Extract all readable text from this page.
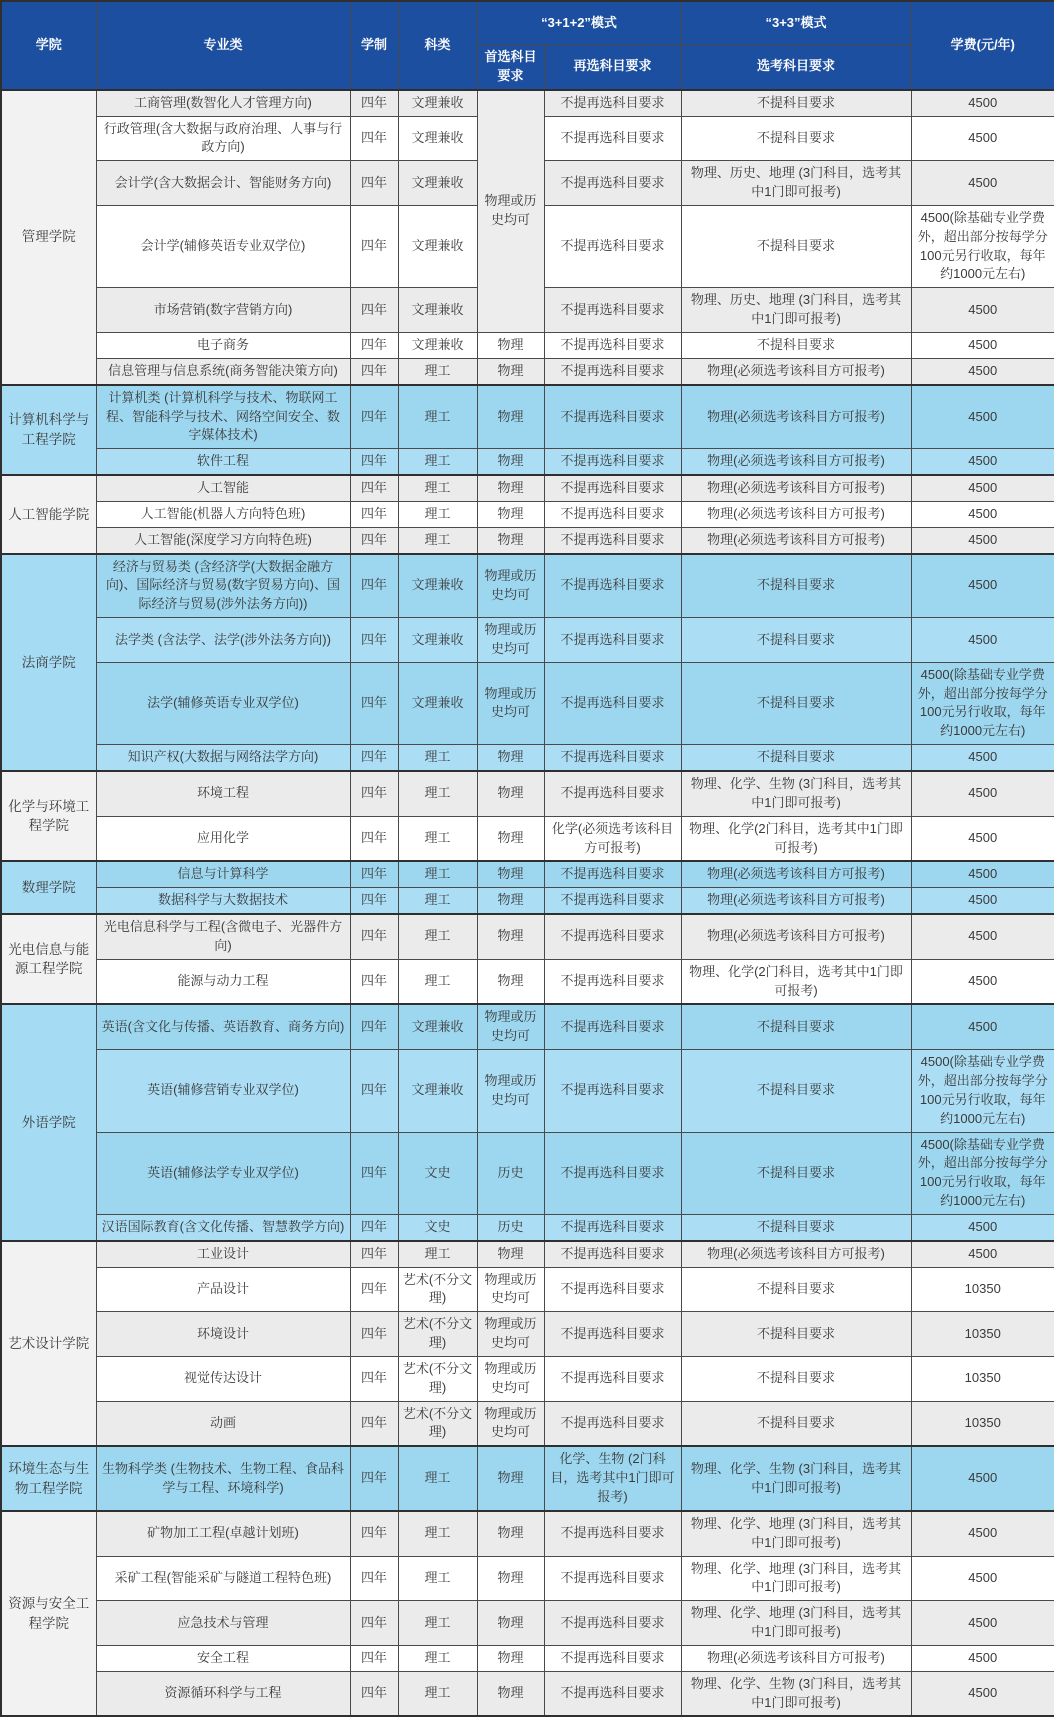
学院	专业类	学制	科类	“3+1+2”模式		“3+3”模式	学费(元/年)
				首选科目要求	再选科目要求	选考科目要求	
管理学院	工商管理(数智化人才管理方向)	四年	文理兼收	物理或历史均可	不提再选科目要求	不提科目要求	4500
	行政管理(含大数据与政府治理、人事与行政方向)	四年	文理兼收		不提再选科目要求	不提科目要求	4500
	会计学(含大数据会计、智能财务方向)	四年	文理兼收		不提再选科目要求	物理、历史、地理 (3门科目，选考其中1门即可报考)	4500
	会计学(辅修英语专业双学位)	四年	文理兼收		不提再选科目要求	不提科目要求	4500(除基础专业学费外，超出部分按每学分100元另行收取，每年约1000元左右)
	市场营销(数字营销方向)	四年	文理兼收		不提再选科目要求	物理、历史、地理 (3门科目，选考其中1门即可报考)	4500
	电子商务	四年	文理兼收	物理	不提再选科目要求	不提科目要求	4500
	信息管理与信息系统(商务智能决策方向)	四年	理工	物理	不提再选科目要求	物理(必须选考该科目方可报考)	4500
计算机科学与工程学院	计算机类 (计算机科学与技术、物联网工程、智能科学与技术、网络空间安全、数字媒体技术)	四年	理工	物理	不提再选科目要求	物理(必须选考该科目方可报考)	4500
	软件工程	四年	理工	物理	不提再选科目要求	物理(必须选考该科目方可报考)	4500
人工智能学院	人工智能	四年	理工	物理	不提再选科目要求	物理(必须选考该科目方可报考)	4500
	人工智能(机器人方向特色班)	四年	理工	物理	不提再选科目要求	物理(必须选考该科目方可报考)	4500
	人工智能(深度学习方向特色班)	四年	理工	物理	不提再选科目要求	物理(必须选考该科目方可报考)	4500
法商学院	经济与贸易类 (含经济学(大数据金融方向)、国际经济与贸易(数字贸易方向)、国际经济与贸易(涉外法务方向))	四年	文理兼收	物理或历史均可	不提再选科目要求	不提科目要求	4500
	法学类 (含法学、法学(涉外法务方向))	四年	文理兼收	物理或历史均可	不提再选科目要求	不提科目要求	4500
	法学(辅修英语专业双学位)	四年	文理兼收	物理或历史均可	不提再选科目要求	不提科目要求	4500(除基础专业学费外，超出部分按每学分100元另行收取，每年约1000元左右)
	知识产权(大数据与网络法学方向)	四年	理工	物理	不提再选科目要求	不提科目要求	4500
化学与环境工程学院	环境工程	四年	理工	物理	不提再选科目要求	物理、化学、生物 (3门科目，选考其中1门即可报考)	4500
	应用化学	四年	理工	物理	化学(必须选考该科目方可报考)	物理、化学(2门科目，选考其中1门即可报考)	4500
数理学院	信息与计算科学	四年	理工	物理	不提再选科目要求	物理(必须选考该科目方可报考)	4500
	数据科学与大数据技术	四年	理工	物理	不提再选科目要求	物理(必须选考该科目方可报考)	4500
光电信息与能源工程学院	光电信息科学与工程(含微电子、光器件方向)	四年	理工	物理	不提再选科目要求	物理(必须选考该科目方可报考)	4500
	能源与动力工程	四年	理工	物理	不提再选科目要求	物理、化学(2门科目，选考其中1门即可报考)	4500
外语学院	英语(含文化与传播、英语教育、商务方向)	四年	文理兼收	物理或历史均可	不提再选科目要求	不提科目要求	4500
	英语(辅修营销专业双学位)	四年	文理兼收	物理或历史均可	不提再选科目要求	不提科目要求	4500(除基础专业学费外，超出部分按每学分100元另行收取，每年约1000元左右)
	英语(辅修法学专业双学位)	四年	文史	历史	不提再选科目要求	不提科目要求	4500(除基础专业学费外，超出部分按每学分100元另行收取，每年约1000元左右)
	汉语国际教育(含文化传播、智慧教学方向)	四年	文史	历史	不提再选科目要求	不提科目要求	4500
艺术设计学院	工业设计	四年	理工	物理	不提再选科目要求	物理(必须选考该科目方可报考)	4500
	产品设计	四年	艺术(不分文理)	物理或历史均可	不提再选科目要求	不提科目要求	10350
	环境设计	四年	艺术(不分文理)	物理或历史均可	不提再选科目要求	不提科目要求	10350
	视觉传达设计	四年	艺术(不分文理)	物理或历史均可	不提再选科目要求	不提科目要求	10350
	动画	四年	艺术(不分文理)	物理或历史均可	不提再选科目要求	不提科目要求	10350
环境生态与生物工程学院	生物科学类 (生物技术、生物工程、食品科学与工程、环境科学)	四年	理工	物理	化学、生物 (2门科目，选考其中1门即可报考)	物理、化学、生物 (3门科目，选考其中1门即可报考)	4500
资源与安全工程学院	矿物加工工程(卓越计划班)	四年	理工	物理	不提再选科目要求	物理、化学、地理 (3门科目，选考其中1门即可报考)	4500
	采矿工程(智能采矿与隧道工程特色班)	四年	理工	物理	不提再选科目要求	物理、化学、地理 (3门科目，选考其中1门即可报考)	4500
	应急技术与管理	四年	理工	物理	不提再选科目要求	物理、化学、地理 (3门科目，选考其中1门即可报考)	4500
	安全工程	四年	理工	物理	不提再选科目要求	物理(必须选考该科目方可报考)	4500
	资源循环科学与工程	四年	理工	物理	不提再选科目要求	物理、化学、生物 (3门科目，选考其中1门即可报考)	4500
